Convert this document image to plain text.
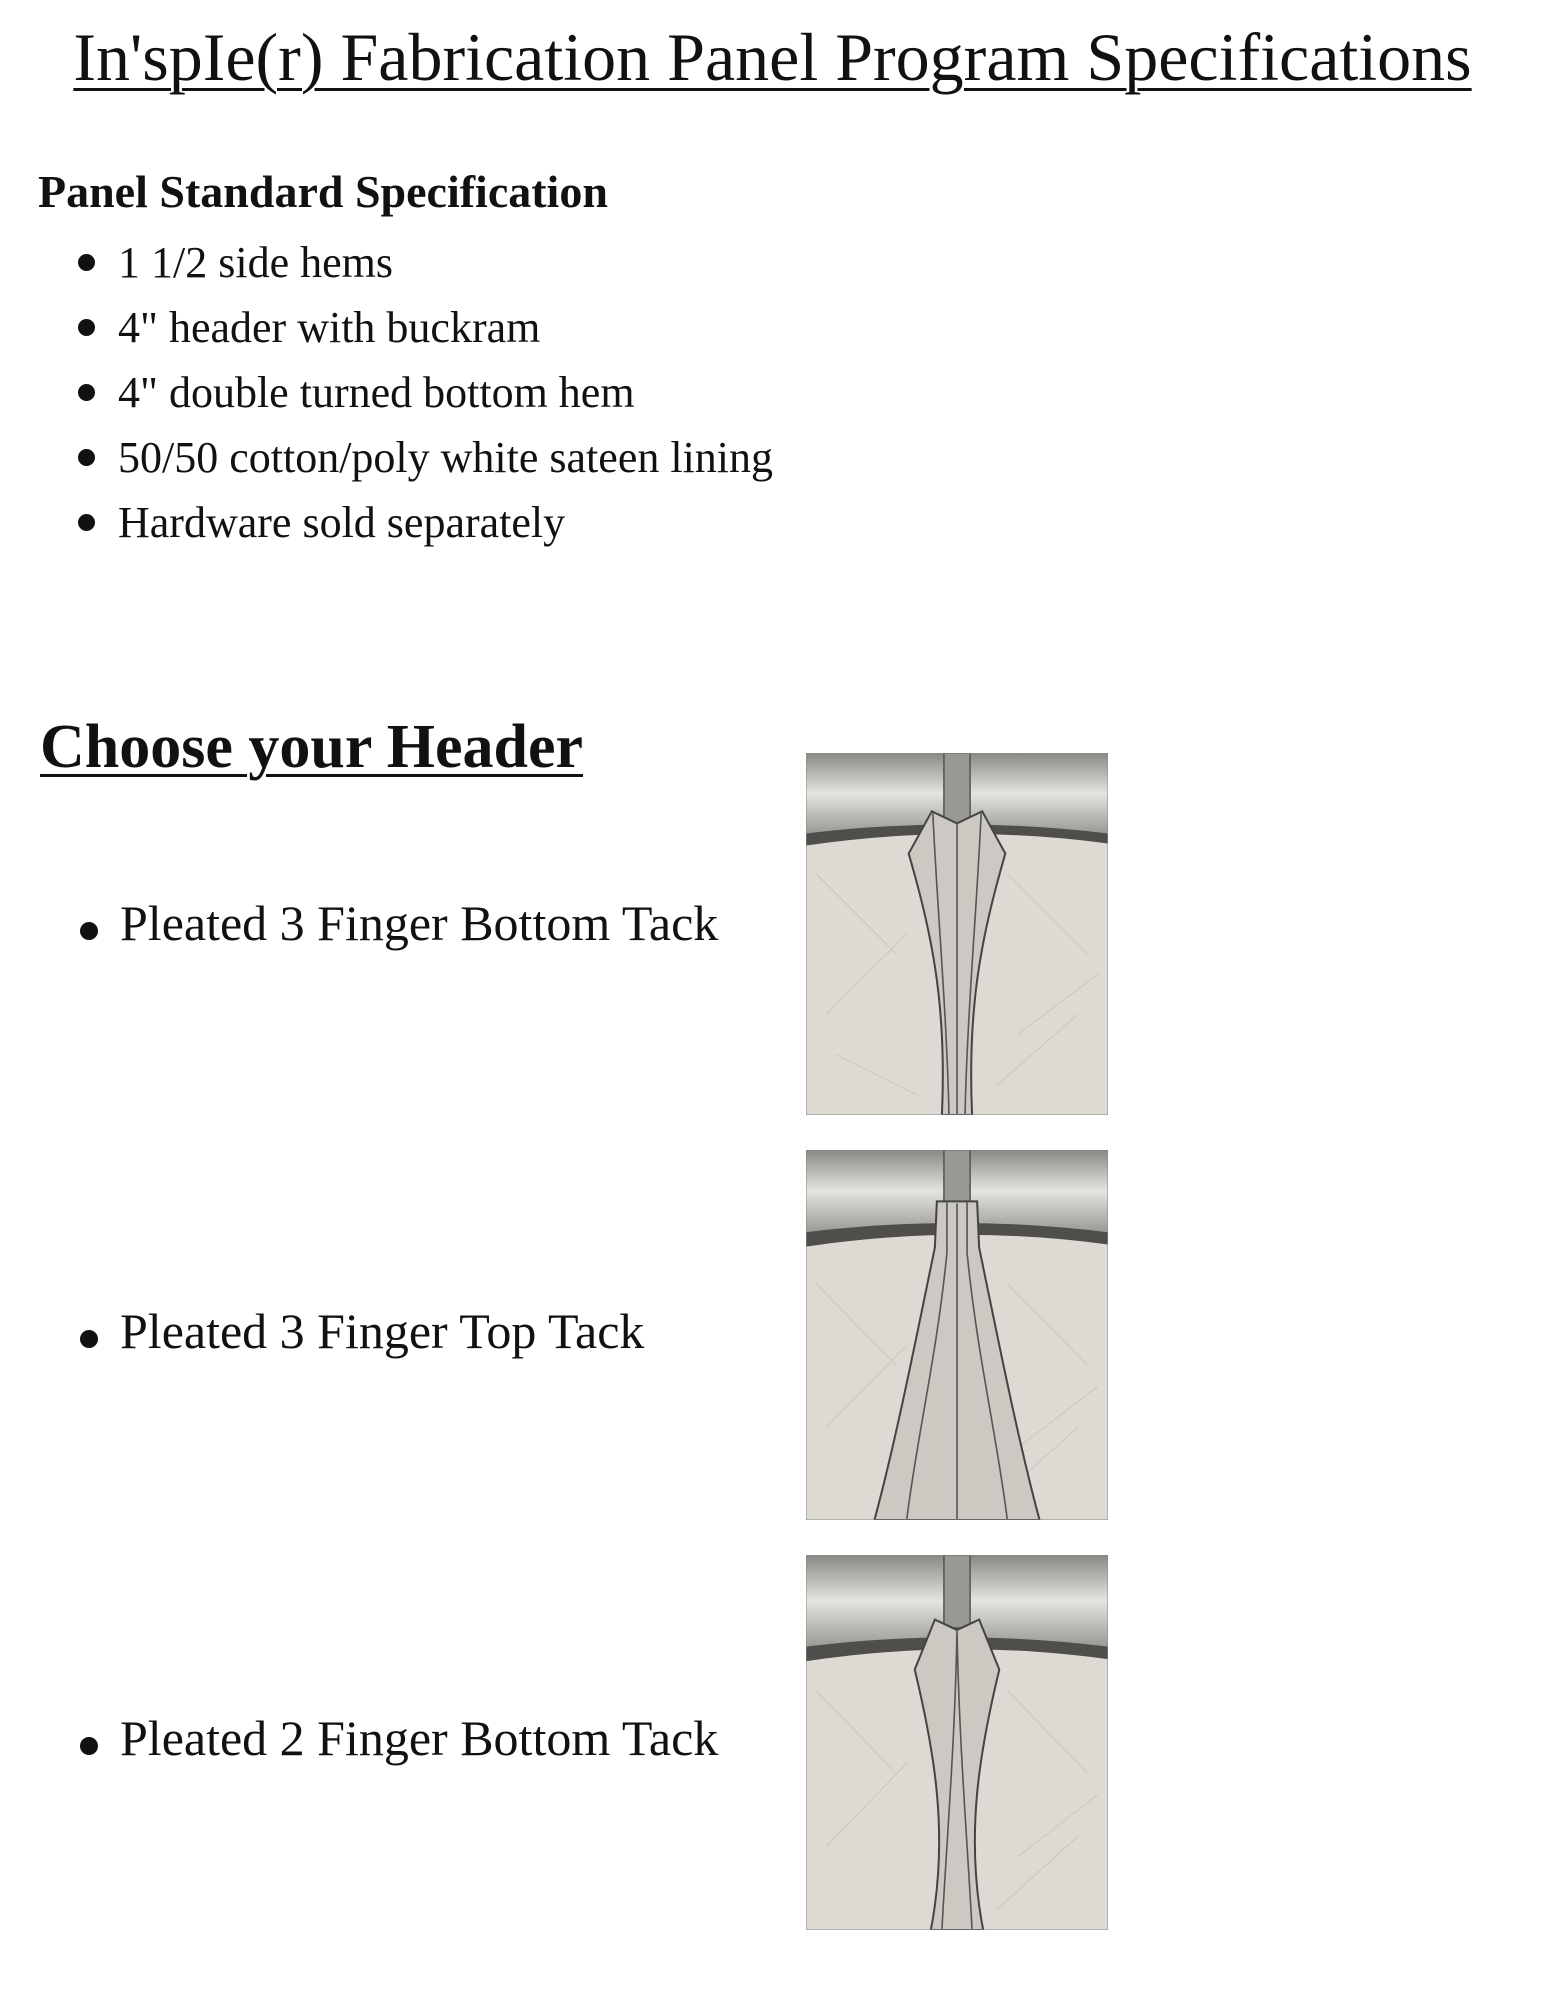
In'spIe(r) Fabrication Panel Program Specifications
Panel Standard Specification
1 1/2 side hems
4" header with buckram
4" double turned bottom hem
50/50 cotton/poly white sateen lining
Hardware sold separately
Choose your Header
Pleated 3 Finger Bottom Tack
Pleated 3 Finger Top Tack
Pleated 2 Finger Bottom Tack
